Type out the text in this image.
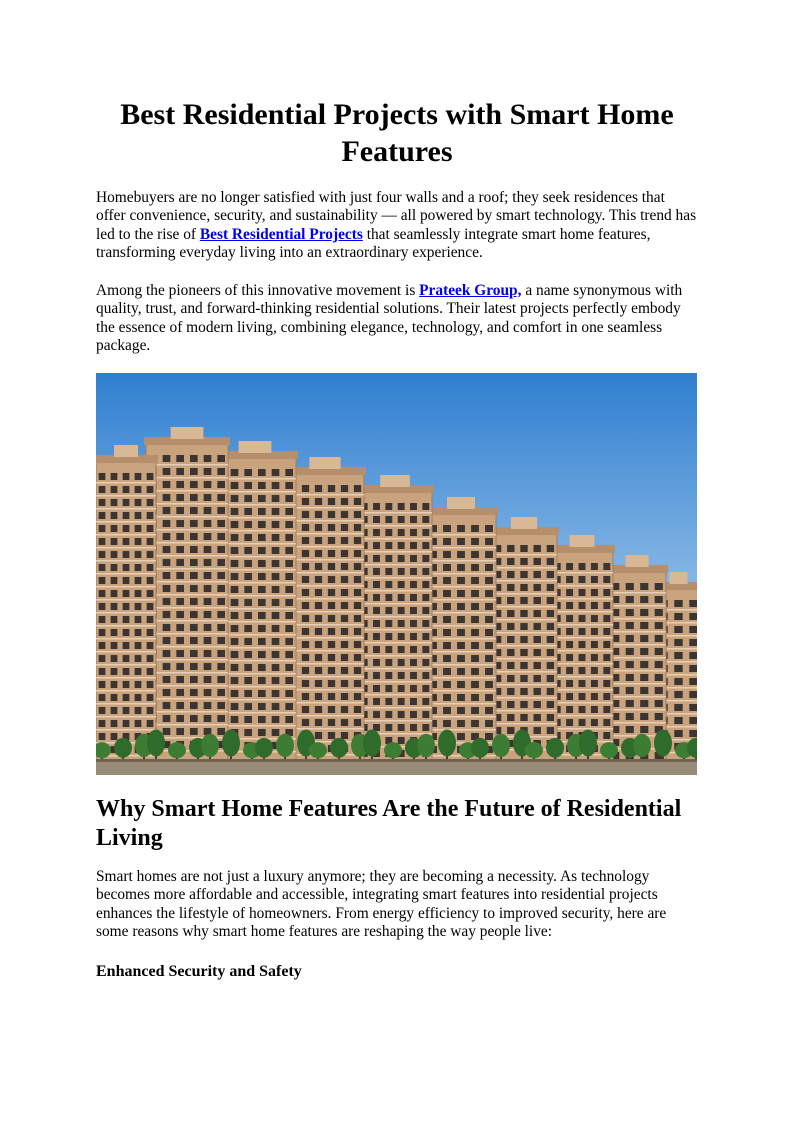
Best Residential Projects with Smart Home Features

Homebuyers are no longer satisfied with just four walls and a roof; they seek residences that offer convenience, security, and sustainability — all powered by smart technology. This trend has led to the rise of Best Residential Projects that seamlessly integrate smart home features, transforming everyday living into an extraordinary experience.

Among the pioneers of this innovative movement is Prateek Group, a name synonymous with quality, trust, and forward-thinking residential solutions. Their latest projects perfectly embody the essence of modern living, combining elegance, technology, and comfort in one seamless package.

Why Smart Home Features Are the Future of Residential Living

Smart homes are not just a luxury anymore; they are becoming a necessity. As technology becomes more affordable and accessible, integrating smart features into residential projects enhances the lifestyle of homeowners. From energy efficiency to improved security, here are some reasons why smart home features are reshaping the way people live:

Enhanced Security and Safety
